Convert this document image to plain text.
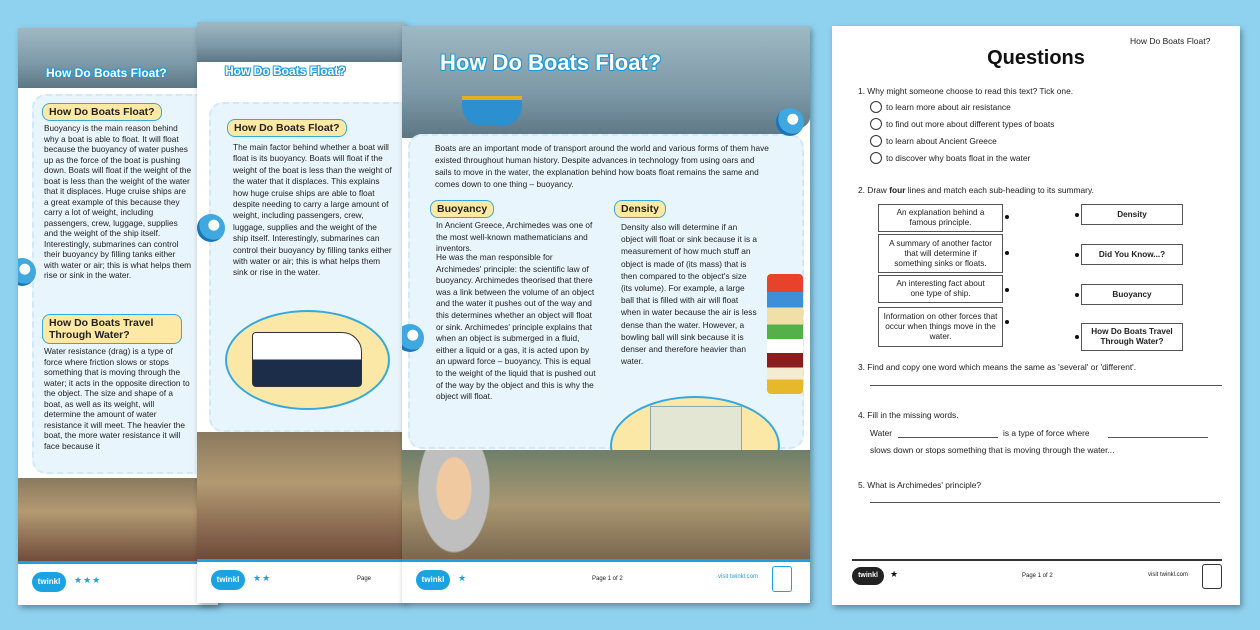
How Do Boats Float?
How Do Boats Float?
Buoyancy is the main reason behind why a boat is able to float. It will float because the buoyancy of water pushes up as the force of the boat is pushing down. Boats will float if the weight of the boat is less than the weight of the water that it displaces. Huge cruise ships are a great example of this because they carry a lot of weight, including passengers, crew, luggage, supplies and the weight of the ship itself. Interestingly, submarines can control their buoyancy by filling tanks either with water or air; this is what helps them rise or sink in the water.
How Do Boats Travel Through Water?
Water resistance (drag) is a type of force where friction slows or stops something that is moving through the water; it acts in the opposite direction to the object. The size and shape of a boat, as well as its weight, will determine the amount of water resistance it will meet. The heavier the boat, the more water resistance it will face because it
twinkl	★★★
How Do Boats Float?
How Do Boats Float?
The main factor behind whether a boat will float is its buoyancy. Boats will float if the weight of the boat is less than the weight of the water that it displaces. This explains how huge cruise ships are able to float despite needing to carry a large amount of weight, including passengers, crew, luggage, supplies and the weight of the ship itself. Interestingly, submarines can control their buoyancy by filling tanks either with water or air; this is what helps them sink or rise in the water.
twinkl	★★	Page
How Do Boats Float?
Boats are an important mode of transport around the world and various forms of them have existed throughout human history. Despite advances in technology from using oars and sails to move in the water, the explanation behind how boats float remains the same and comes down to one thing – buoyancy.
Buoyancy
In Ancient Greece, Archimedes was one of the most well-known mathematicians and inventors.
He was the man responsible for Archimedes' principle: the scientific law of buoyancy. Archimedes theorised that there was a link between the volume of an object and the water it pushes out of the way and this determines whether an object will float or sink. Archimedes' principle explains that when an object is submerged in a fluid, either a liquid or a gas, it is acted upon by an upward force – buoyancy. This is equal to the weight of the liquid that is pushed out of the way by the object and this is why the object will float.
Density
Density also will determine if an object will float or sink because it is a measurement of how much stuff an object is made of (its mass) that is then compared to the object's size (its volume). For example, a large ball that is filled with air will float when in water because the air is less dense than the water. However, a bowling ball will sink because it is denser and therefore heavier than water.
twinkl	★	Page 1 of 2	visit twinkl.com
How Do Boats Float?
Questions
1. Why might someone choose to read this text? Tick one.
to learn more about air resistance
to find out more about different types of boats
to learn about Ancient Greece
to discover why boats float in the water
2. Draw four lines and match each sub-heading to its summary.
An explanation behind a famous principle.
A summary of another factor that will determine if something sinks or floats.
An interesting fact about one type of ship.
Information on other forces that occur when things move in the water.
Density
Did You Know...?
Buoyancy
How Do Boats Travel Through Water?
3. Find and copy one word which means the same as 'several' or 'different'.
4. Fill in the missing words.
Water	is a type of force where
slows down or stops something that is moving through the water...
5. What is Archimedes' principle?
twinkl	★	Page 1 of 2	visit twinkl.com
